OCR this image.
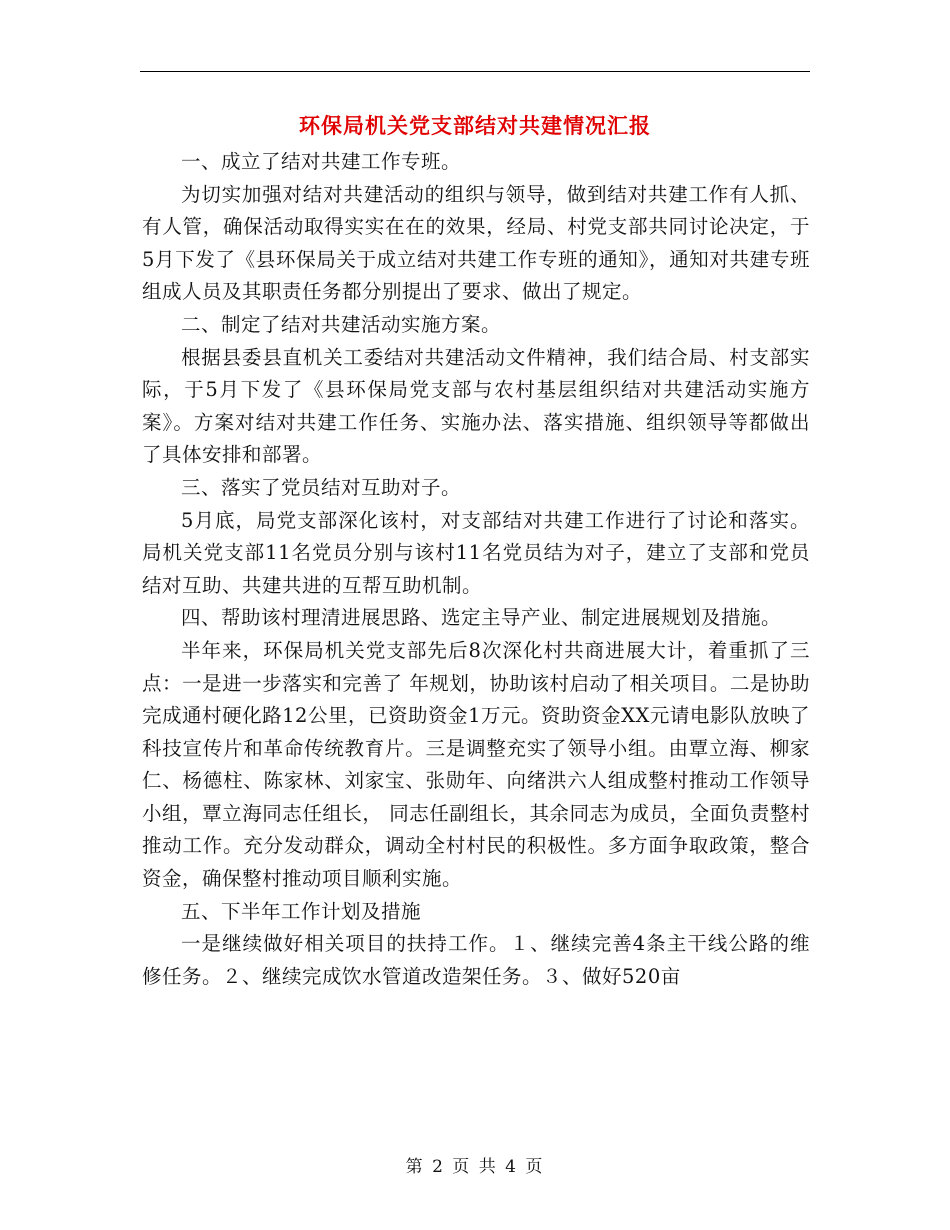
环保局机关党支部结对共建情况汇报

一、成立了结对共建工作专班。

为切实加强对结对共建活动的组织与领导，做到结对共建工作有人抓、有人管，确保活动取得实实在在的效果，经局、村党支部共同讨论决定，于5月下发了《县环保局关于成立结对共建工作专班的通知》，通知对共建专班组成人员及其职责任务都分别提出了要求、做出了规定。

二、制定了结对共建活动实施方案。

根据县委县直机关工委结对共建活动文件精神，我们结合局、村支部实际，于5月下发了《县环保局党支部与农村基层组织结对共建活动实施方案》。方案对结对共建工作任务、实施办法、落实措施、组织领导等都做出了具体安排和部署。

三、落实了党员结对互助对子。

5月底，局党支部深化该村，对支部结对共建工作进行了讨论和落实。局机关党支部11名党员分别与该村11名党员结为对子，建立了支部和党员结对互助、共建共进的互帮互助机制。

四、帮助该村理清进展思路、选定主导产业、制定进展规划及措施。

半年来，环保局机关党支部先后8次深化村共商进展大计，着重抓了三点：一是进一步落实和完善了 年规划，协助该村启动了相关项目。二是协助完成通村硬化路12公里，已资助资金1万元。资助资金XX元请电影队放映了科技宣传片和革命传统教育片。三是调整充实了领导小组。由覃立海、柳家仁、杨德柱、陈家林、刘家宝、张勋年、向绪洪六人组成整村推动工作领导小组，覃立海同志任组长， 同志任副组长，其余同志为成员，全面负责整村推动工作。充分发动群众，调动全村村民的积极性。多方面争取政策，整合资金，确保整村推动项目顺利实施。

五、下半年工作计划及措施

一是继续做好相关项目的扶持工作。１、继续完善4条主干线公路的维修任务。２、继续完成饮水管道改造架任务。３、做好520亩

第 2 页 共 4 页
